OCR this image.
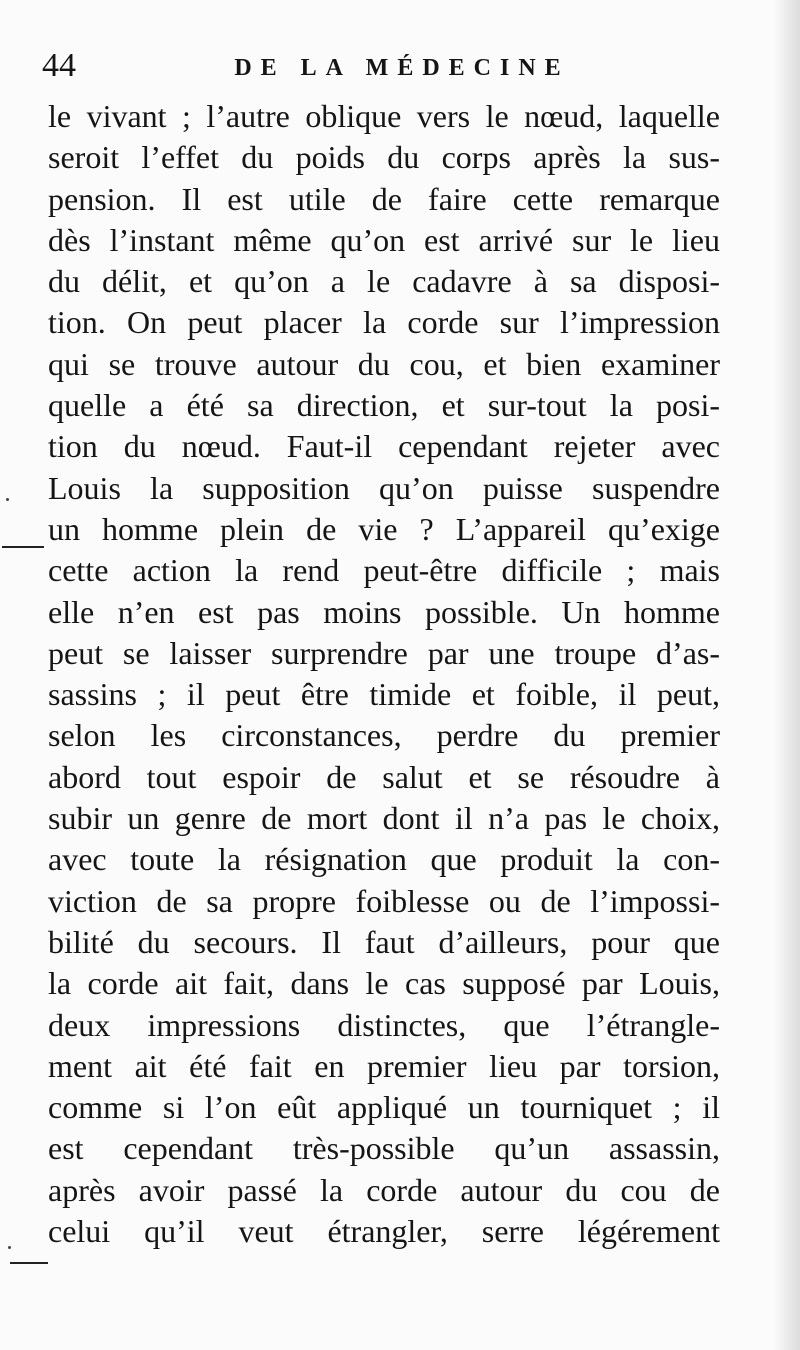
44	DE LA MÉDECINE
le vivant ; l’autre oblique vers le nœud, laquelle
seroit l’effet du poids du corps après la sus-
pension. Il est utile de faire cette remarque
dès l’instant même qu’on est arrivé sur le lieu
du délit, et qu’on a le cadavre à sa disposi-
tion. On peut placer la corde sur l’impression
qui se trouve autour du cou, et bien examiner
quelle a été sa direction, et sur-tout la posi-
tion du nœud. Faut-il cependant rejeter avec
Louis la supposition qu’on puisse suspendre
un homme plein de vie ? L’appareil qu’exige
cette action la rend peut-être difficile ; mais
elle n’en est pas moins possible. Un homme
peut se laisser surprendre par une troupe d’as-
sassins ; il peut être timide et foible, il peut,
selon les circonstances, perdre du premier
abord tout espoir de salut et se résoudre à
subir un genre de mort dont il n’a pas le choix,
avec toute la résignation que produit la con-
viction de sa propre foiblesse ou de l’impossi-
bilité du secours. Il faut d’ailleurs, pour que
la corde ait fait, dans le cas supposé par Louis,
deux impressions distinctes, que l’étrangle-
ment ait été fait en premier lieu par torsion,
comme si l’on eût appliqué un tourniquet ; il
est cependant très-possible qu’un assassin,
après avoir passé la corde autour du cou de
celui qu’il veut étrangler, serre légérement
